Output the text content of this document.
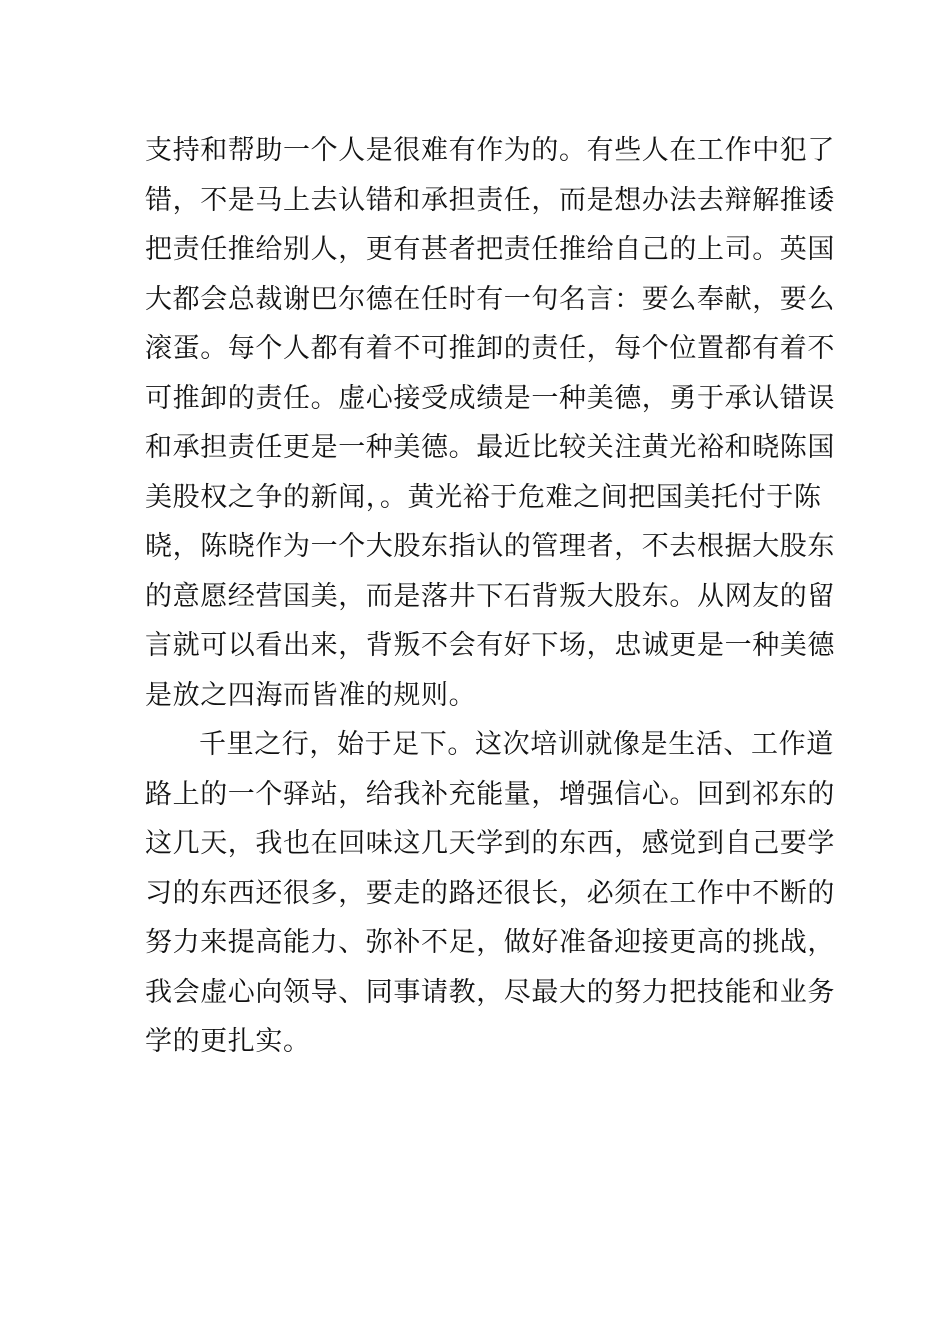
支持和帮助一个人是很难有作为的。有些人在工作中犯了
错，不是马上去认错和承担责任，而是想办法去辩解推诿
把责任推给别人，更有甚者把责任推给自己的上司。英国
大都会总裁谢巴尔德在任时有一句名言：要么奉献，要么
滚蛋。每个人都有着不可推卸的责任，每个位置都有着不
可推卸的责任。虚心接受成绩是一种美德，勇于承认错误
和承担责任更是一种美德。最近比较关注黄光裕和晓陈国
美股权之争的新闻，。黄光裕于危难之间把国美托付于陈
晓，陈晓作为一个大股东指认的管理者，不去根据大股东
的意愿经营国美，而是落井下石背叛大股东。从网友的留
言就可以看出来，背叛不会有好下场，忠诚更是一种美德
是放之四海而皆准的规则。
千里之行，始于足下。这次培训就像是生活、工作道
路上的一个驿站，给我补充能量，增强信心。回到祁东的
这几天，我也在回味这几天学到的东西，感觉到自己要学
习的东西还很多，要走的路还很长，必须在工作中不断的
努力来提高能力、弥补不足，做好准备迎接更高的挑战，
我会虚心向领导、同事请教，尽最大的努力把技能和业务
学的更扎实。
